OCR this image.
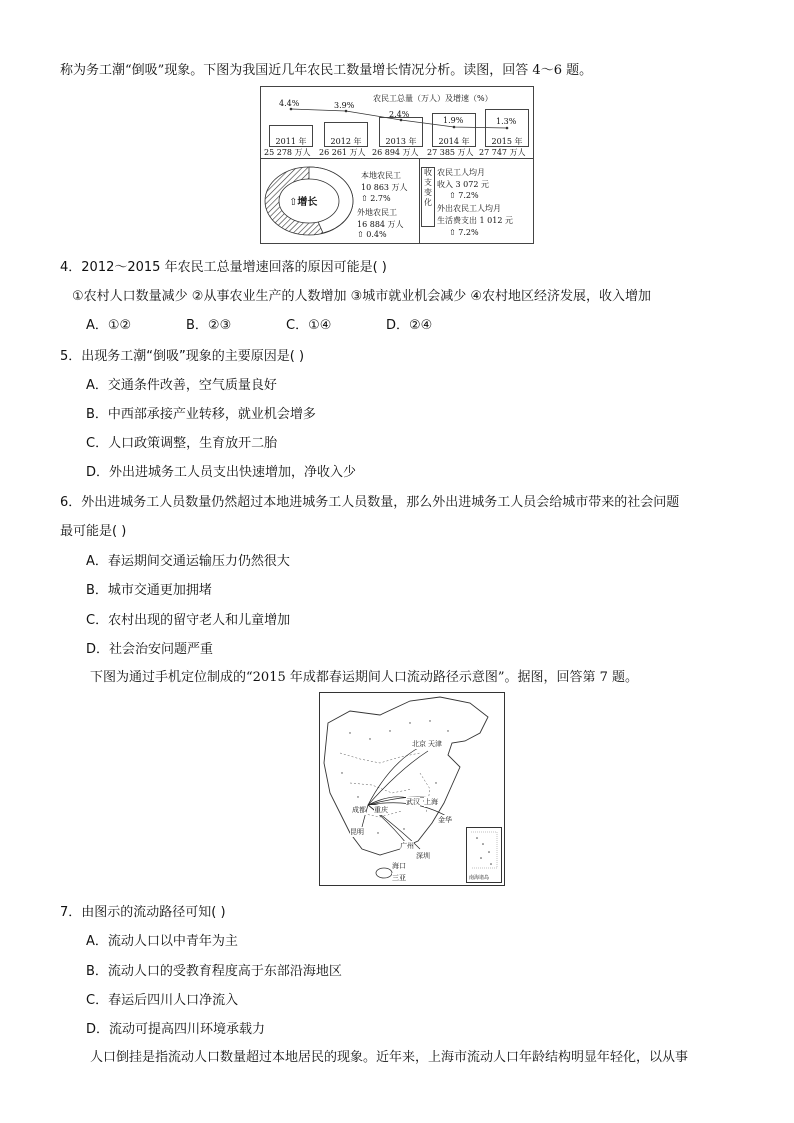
称为务工潮“倒吸”现象。下图为我国近几年农民工数量增长情况分析。读图，回答 4～6 题。
农民工总量（万人）及增速（%）
4.4%	3.9%
2.4%
1.9%	1.3%
2011 年	2012 年	2013 年	2014 年	2015 年
25 278 万人 26 261 万人 26 894 万人 27 385 万人 27 747 万人
⇧增长
本地农民工
10 863 万人
⇧ 2.7%
外地农民工
16 884 万人
⇧ 0.4%
收支变化
农民工人均月
收入 3 072 元
⇧ 7.2%
外出农民工人均月
生活费支出 1 012 元
⇧ 7.2%
4．2012～2015 年农民工总量增速回落的原因可能是( )
①农村人口数量减少 ②从事农业生产的人数增加 ③城市就业机会减少 ④农村地区经济发展，收入增加
A．①②	B．②③	C．①④	D．②④
5．出现务工潮“倒吸”现象的主要原因是( )
A．交通条件改善，空气质量良好
B．中西部承接产业转移，就业机会增多
C．人口政策调整，生育放开二胎
D．外出进城务工人员支出快速增加，净收入少
6．外出进城务工人员数量仍然超过本地进城务工人员数量，那么外出进城务工人员会给城市带来的社会问题
最可能是( )
A．春运期间交通运输压力仍然很大
B．城市交通更加拥堵
C．农村出现的留守老人和儿童增加
D．社会治安问题严重
下图为通过手机定位制成的“2015 年成都春运期间人口流动路径示意图”。据图，回答第 7 题。
北京 天津
成都 重庆
武汉 上海
金华
昆明
广州
深圳
海口
三亚	南海诸岛
7．由图示的流动路径可知( )
A．流动人口以中青年为主
B．流动人口的受教育程度高于东部沿海地区
C．春运后四川人口净流入
D．流动可提高四川环境承载力
人口倒挂是指流动人口数量超过本地居民的现象。近年来，上海市流动人口年龄结构明显年轻化，以从事
